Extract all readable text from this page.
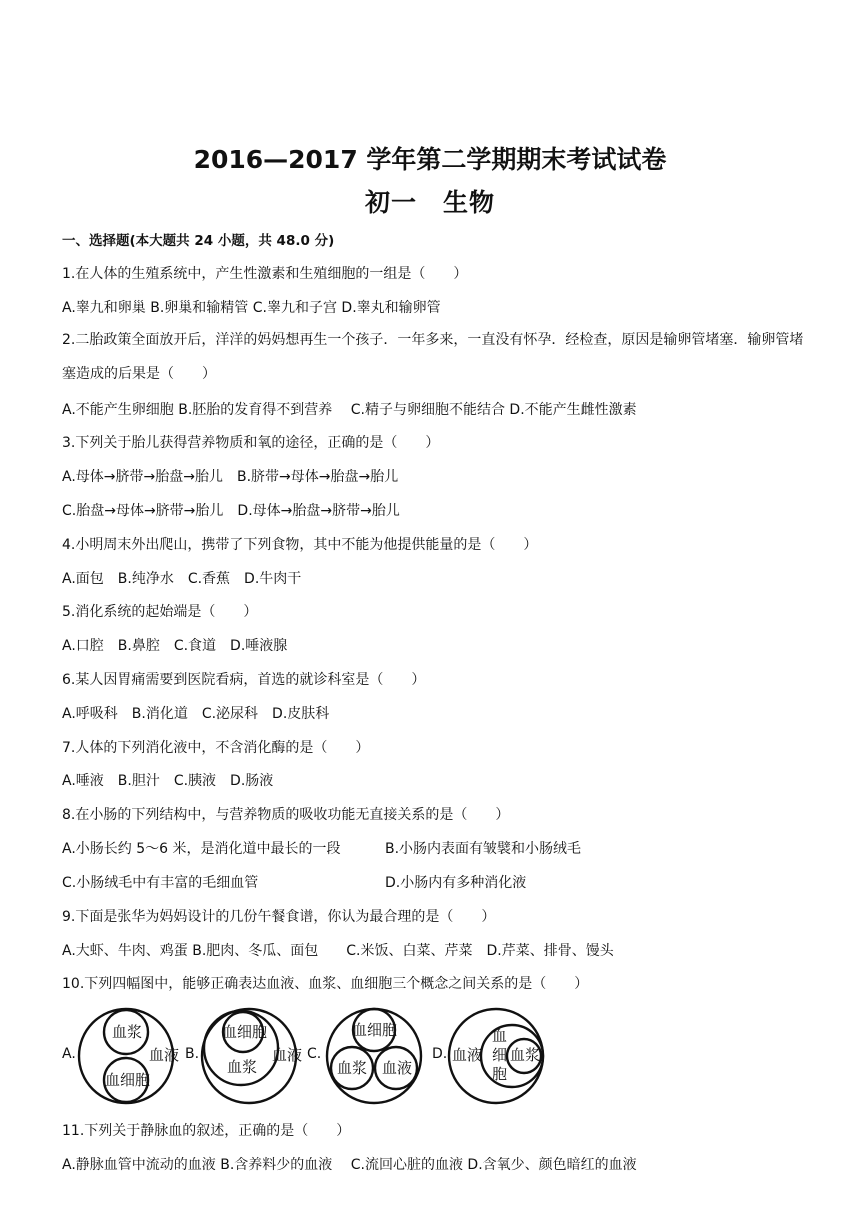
2016—2017 学年第二学期期末考试试卷
初一　生物
一、选择题(本大题共 24 小题，共 48.0 分)
1.在人体的生殖系统中，产生性激素和生殖细胞的一组是（　　）
A.睾九和卵巢 B.卵巢和输精管 C.睾九和子宫 D.睾丸和输卵管
2.二胎政策全面放开后，洋洋的妈妈想再生一个孩子．一年多来，一直没有怀孕．经检查，原因是输卵管堵塞．输卵管堵塞造成的后果是（　　）
A.不能产生卵细胞 B.胚胎的发育得不到营养　 C.精子与卵细胞不能结合 D.不能产生雌性激素
3.下列关于胎儿获得营养物质和氧的途径，正确的是（　　）
A.母体→脐带→胎盘→胎儿　B.脐带→母体→胎盘→胎儿
C.胎盘→母体→脐带→胎儿　D.母体→胎盘→脐带→胎儿
4.小明周末外出爬山，携带了下列食物，其中不能为他提供能量的是（　　）
A.面包　B.纯净水　C.香蕉　D.牛肉干
5.消化系统的起始端是（　　）
A.口腔　B.鼻腔　C.食道　D.唾液腺
6.某人因胃痛需要到医院看病，首选的就诊科室是（　　）
A.呼吸科　B.消化道　C.泌尿科　D.皮肤科
7.人体的下列消化液中，不含消化酶的是（　　）
A.唾液　B.胆汁　C.胰液　D.肠液
8.在小肠的下列结构中，与营养物质的吸收功能无直接关系的是（　　）
A.小肠长约 5～6 米，是消化道中最长的一段	B.小肠内表面有皱襞和小肠绒毛
C.小肠绒毛中有丰富的毛细血管	D.小肠内有多种消化液
9.下面是张华为妈妈设计的几份午餐食谱，你认为最合理的是（　　）
A.大虾、牛肉、鸡蛋 B.肥肉、冬瓜、面包　　C.米饭、白菜、芹菜　D.芹菜、排骨、馒头
10.下列四幅图中，能够正确表达血液、血浆、血细胞三个概念之间关系的是（　　）
A.
血浆
血液
血细胞
B.
血细胞
血液
血浆
C.
血细胞
血浆 血液
D. 血液
血
细
胞
血浆
11.下列关于静脉血的叙述，正确的是（　　）
A.静脉血管中流动的血液 B.含养料少的血液　 C.流回心脏的血液 D.含氧少、颜色暗红的血液
